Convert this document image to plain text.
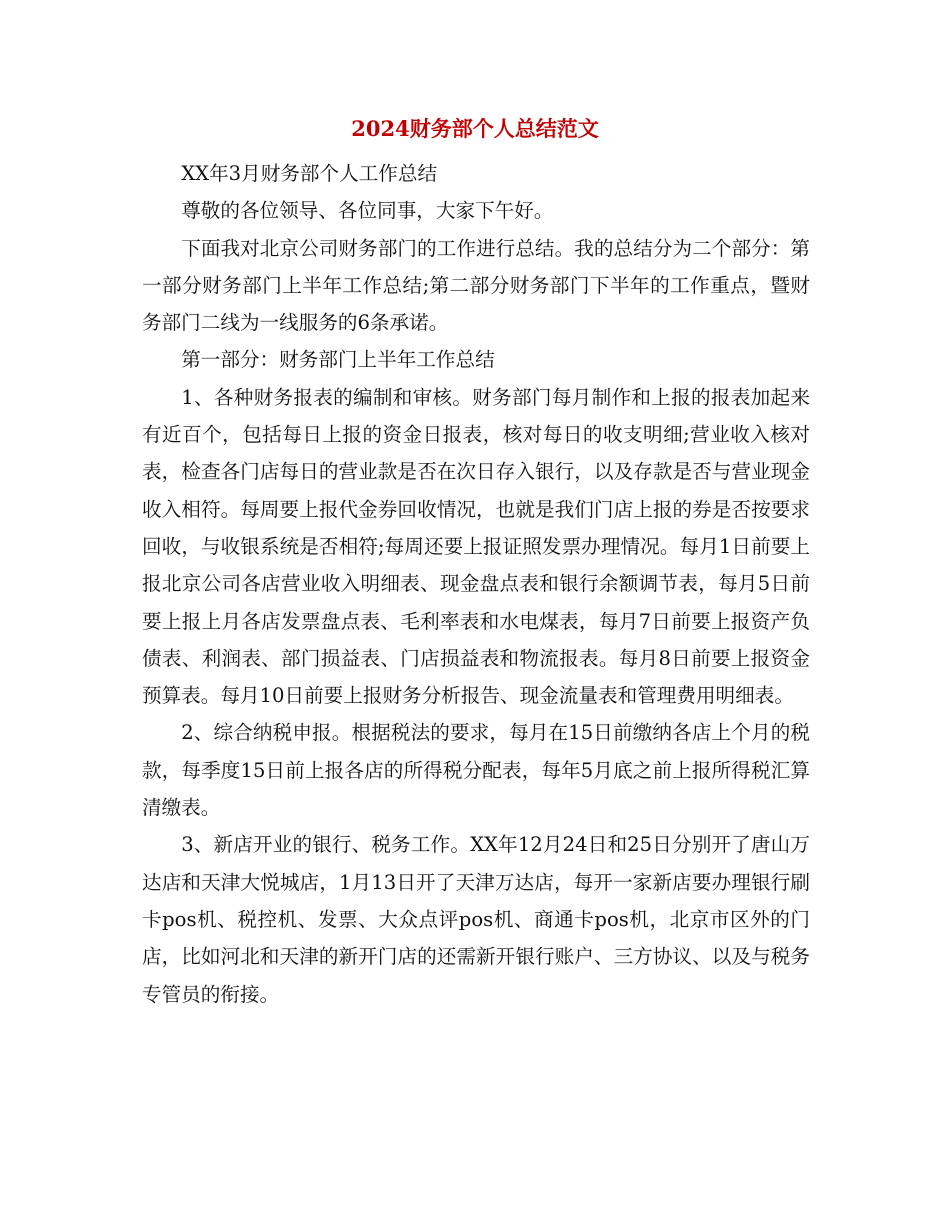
2024财务部个人总结范文

XX年3月财务部个人工作总结

尊敬的各位领导、各位同事，大家下午好。

下面我对北京公司财务部门的工作进行总结。我的总结分为二个部分：第一部分财务部门上半年工作总结;第二部分财务部门下半年的工作重点，暨财务部门二线为一线服务的6条承诺。

第一部分：财务部门上半年工作总结

1、各种财务报表的编制和审核。财务部门每月制作和上报的报表加起来有近百个，包括每日上报的资金日报表，核对每日的收支明细;营业收入核对表，检查各门店每日的营业款是否在次日存入银行，以及存款是否与营业现金收入相符。每周要上报代金券回收情况，也就是我们门店上报的券是否按要求回收，与收银系统是否相符;每周还要上报证照发票办理情况。每月1日前要上报北京公司各店营业收入明细表、现金盘点表和银行余额调节表，每月5日前要上报上月各店发票盘点表、毛利率表和水电煤表，每月7日前要上报资产负债表、利润表、部门损益表、门店损益表和物流报表。每月8日前要上报资金预算表。每月10日前要上报财务分析报告、现金流量表和管理费用明细表。

2、综合纳税申报。根据税法的要求，每月在15日前缴纳各店上个月的税款，每季度15日前上报各店的所得税分配表，每年5月底之前上报所得税汇算清缴表。

3、新店开业的银行、税务工作。XX年12月24日和25日分别开了唐山万达店和天津大悦城店，1月13日开了天津万达店，每开一家新店要办理银行刷卡pos机、税控机、发票、大众点评pos机、商通卡pos机，北京市区外的门店，比如河北和天津的新开门店的还需新开银行账户、三方协议、以及与税务专管员的衔接。
